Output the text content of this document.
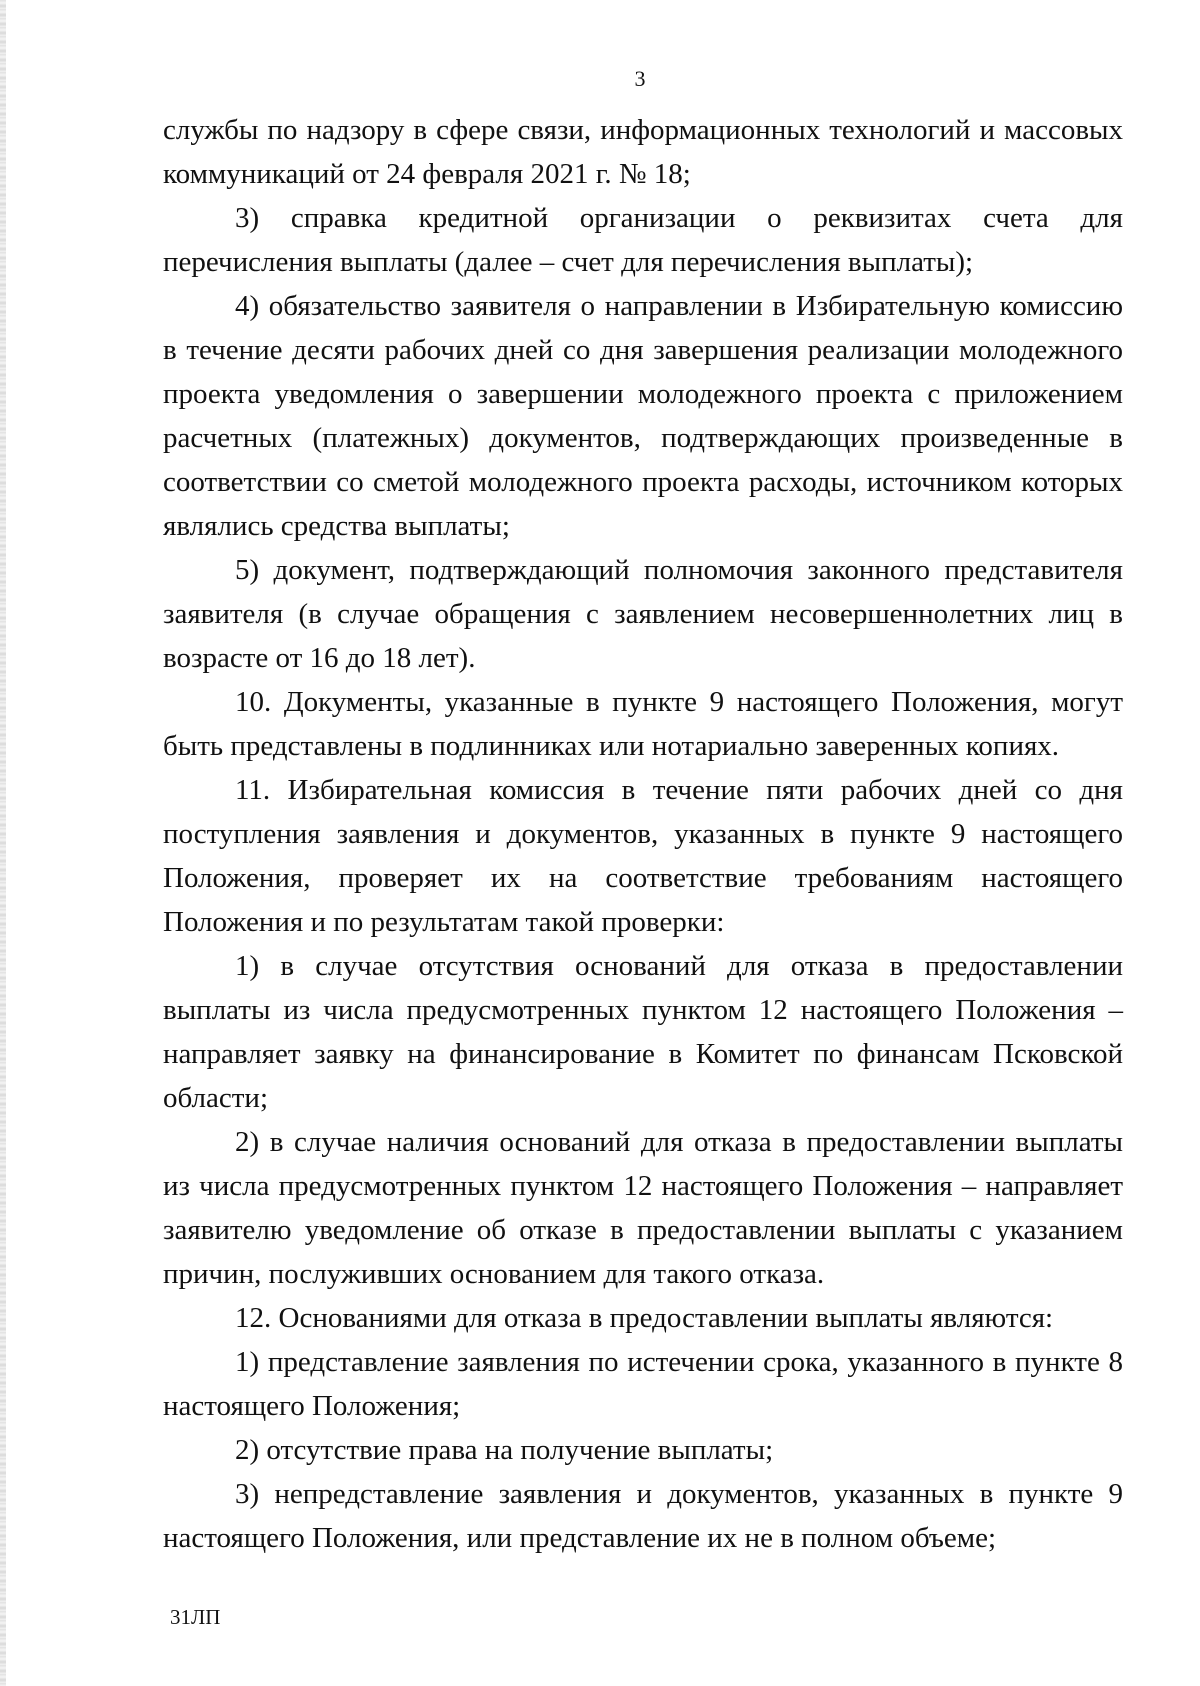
3

службы по надзору в сфере связи, информационных технологий и массовых коммуникаций от 24 февраля 2021 г. № 18;

3) справка кредитной организации о реквизитах счета для перечисления выплаты (далее – счет для перечисления выплаты);

4) обязательство заявителя о направлении в Избирательную комиссию в течение десяти рабочих дней со дня завершения реализации молодежного проекта уведомления о завершении молодежного проекта с приложением расчетных (платежных) документов, подтверждающих произведенные в соответствии со сметой молодежного проекта расходы, источником которых являлись средства выплаты;

5) документ, подтверждающий полномочия законного представителя заявителя (в случае обращения с заявлением несовершеннолетних лиц в возрасте от 16 до 18 лет).

10. Документы, указанные в пункте 9 настоящего Положения, могут быть представлены в подлинниках или нотариально заверенных копиях.

11. Избирательная комиссия в течение пяти рабочих дней со дня поступления заявления и документов, указанных в пункте 9 настоящего Положения, проверяет их на соответствие требованиям настоящего Положения и по результатам такой проверки:

1) в случае отсутствия оснований для отказа в предоставлении выплаты из числа предусмотренных пунктом 12 настоящего Положения – направляет заявку на финансирование в Комитет по финансам Псковской области;

2) в случае наличия оснований для отказа в предоставлении выплаты из числа предусмотренных пунктом 12 настоящего Положения – направляет заявителю уведомление об отказе в предоставлении выплаты с указанием причин, послуживших основанием для такого отказа.

12. Основаниями для отказа в предоставлении выплаты являются:

1) представление заявления по истечении срока, указанного в пункте 8 настоящего Положения;

2) отсутствие права на получение выплаты;

3) непредставление заявления и документов, указанных в пункте 9 настоящего Положения, или представление их не в полном объеме;

31ЛП
